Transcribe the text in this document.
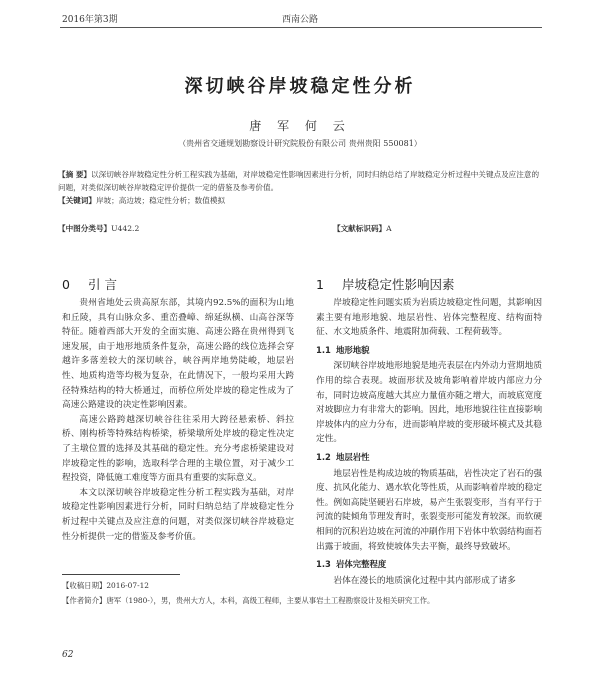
2016年第3期	西南公路
深切峡谷岸坡稳定性分析
唐 军 何 云
（贵州省交通规划勘察设计研究院股份有限公司 贵州贵阳 550081）
【摘 要】以深切峡谷岸坡稳定性分析工程实践为基础，对岸坡稳定性影响因素进行分析，同时归纳总结了岸坡稳定分析过程中关键点及应注意的问题，对类似深切峡谷岸坡稳定评价提供一定的借鉴及参考价值。
【关键词】岸坡；高边坡；稳定性分析；数值模拟
【中图分类号】U442.2	【文献标识码】A
0 引 言

贵州省地处云贵高原东部，其境内92.5%的面积为山地和丘陵，具有山脉众多、重峦叠嶂、绵延纵横、山高谷深等特征。随着西部大开发的全面实施、高速公路在贵州得到飞速发展，由于地形地质条件复杂，高速公路的线位选择会穿越许多落差较大的深切峡谷，峡谷两岸地势陡峻，地层岩性、地质构造等均极为复杂，在此情况下，一般均采用大跨径特殊结构的特大桥通过，而桥位所处岸坡的稳定性成为了高速公路建设的决定性影响因素。

高速公路跨越深切峡谷往往采用大跨径悬索桥、斜拉桥、刚构桥等特殊结构桥梁，桥梁墩所处岸坡的稳定性决定了主墩位置的选择及其基础的稳定性。充分考虑桥梁建设对岸坡稳定性的影响，选取科学合理的主墩位置，对于减少工程投资，降低施工难度等方面具有重要的实际意义。

本文以深切峡谷岸坡稳定性分析工程实践为基础，对岸坡稳定性影响因素进行分析，同时归纳总结了岸坡稳定性分析过程中关键点及应注意的问题，对类似深切峡谷岸坡稳定性分析提供一定的借鉴及参考价值。

1 岸坡稳定性影响因素

岸坡稳定性问题实质为岩质边坡稳定性问题，其影响因素主要有地形地貌、地层岩性、岩体完整程度、结构面特征、水文地质条件、地震附加荷载、工程荷载等。

1.1 地形地貌

深切峡谷岸坡地形地貌是地壳表层在内外动力营期地质作用的综合表现。坡面形状及坡角影响着岸坡内部应力分布，同时边坡高度越大其应力量值亦随之增大，而坡底宽度对坡脚应力有非常大的影响。因此，地形地貌往往直接影响岸坡体内的应力分布，进而影响岸坡的变形破坏模式及其稳定性。

1.2 地层岩性

地层岩性是构成边坡的物质基础，岩性决定了岩石的强度、抗风化能力、遇水软化等性质，从而影响着岸坡的稳定性。例如高陡坚硬岩石岸坡，易产生张裂变形，当有平行于河流的陡倾角节理发育时，张裂变形可能发育较深。而软硬相间的沉积岩边坡在河流的冲刷作用下岩体中软弱结构面若出露于坡面，将致使坡体失去平衡，最终导致破坏。

1.3 岩体完整程度

岩体在漫长的地质演化过程中其内部形成了诸多

【收稿日期】2016-07-12
【作者简介】唐军（1980-），男，贵州大方人，本科，高级工程师，主要从事岩土工程勘察设计及相关研究工作。
62
